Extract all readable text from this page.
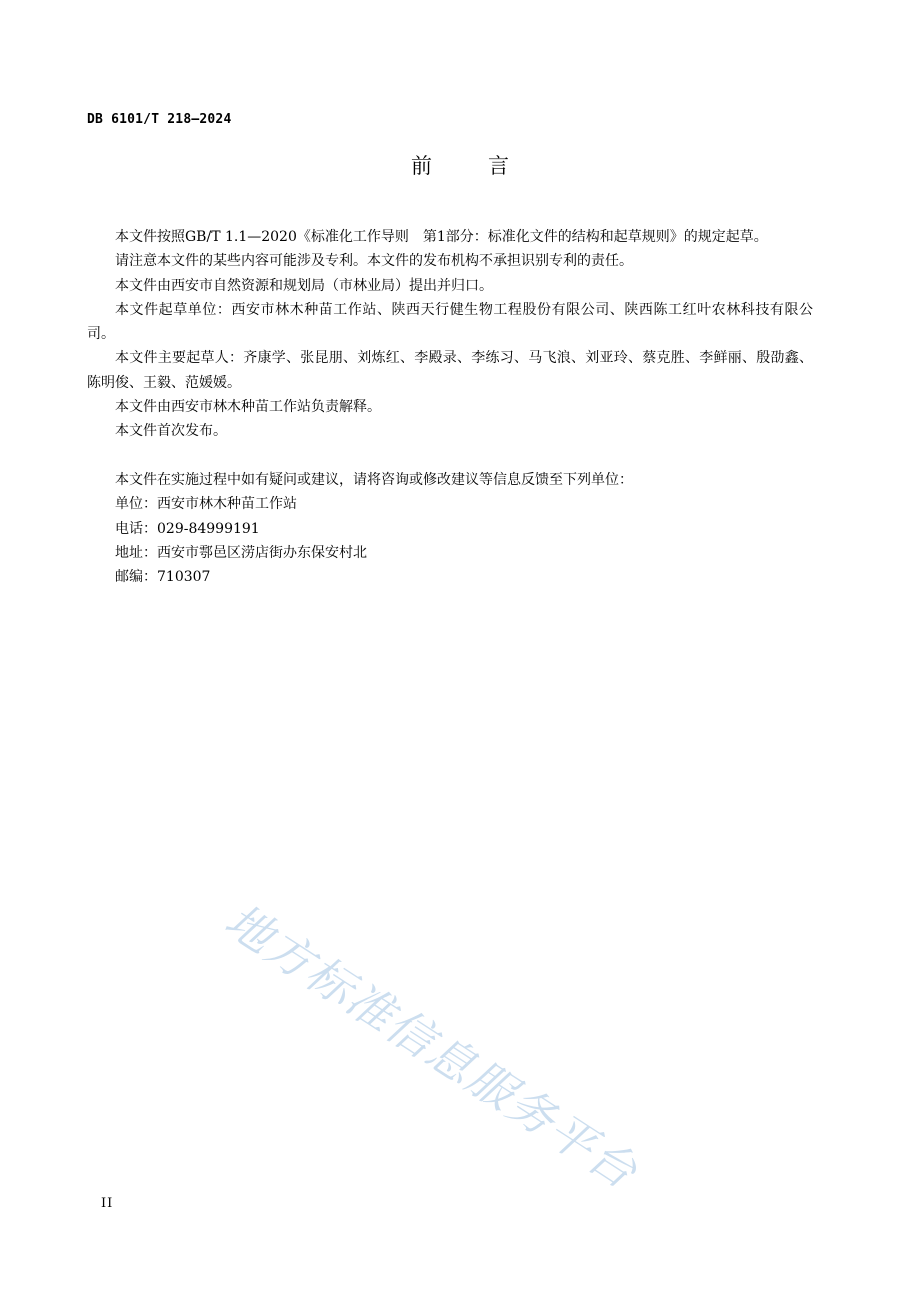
DB 6101/T 218—2024
前	言

本文件按照GB/T 1.1—2020《标准化工作导则　第1部分：标准化文件的结构和起草规则》的规定起草。

请注意本文件的某些内容可能涉及专利。本文件的发布机构不承担识别专利的责任。

本文件由西安市自然资源和规划局（市林业局）提出并归口。

本文件起草单位：西安市林木种苗工作站、陕西天行健生物工程股份有限公司、陕西陈工红叶农林科技有限公司。

本文件主要起草人：齐康学、张昆朋、刘炼红、李殿录、李练习、马飞浪、刘亚玲、蔡克胜、李鲜丽、殷劭鑫、陈明俊、王毅、范媛媛。

本文件由西安市林木种苗工作站负责解释。

本文件首次发布。

本文件在实施过程中如有疑问或建议，请将咨询或修改建议等信息反馈至下列单位：

单位：西安市林木种苗工作站

电话：029-84999191

地址：西安市鄠邑区涝店街办东保安村北

邮编：710307

地方标准信息服务平台
II
